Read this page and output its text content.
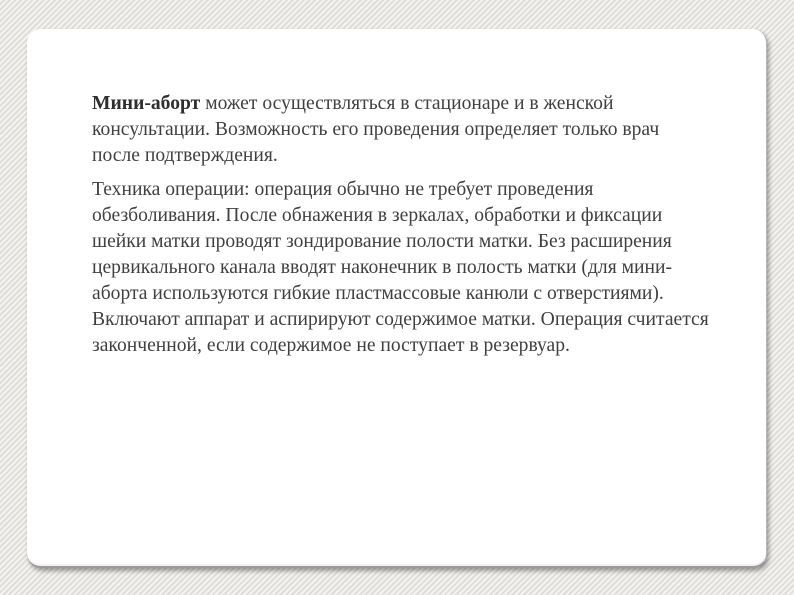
Мини-аборт может осуществляться в стационаре и в женской консультации. Возможность его проведения определяет только врач после подтверждения.

Техника операции: операция обычно не требует проведения обезболивания. После обнажения в зеркалах, обработки и фиксации шейки матки проводят зондирование полости матки. Без расширения цервикального канала вводят наконечник в полость матки (для мини-аборта используются гибкие пластмассовые канюли с отверстиями). Включают аппарат и аспирируют содержимое матки. Операция считается законченной, если содержимое не поступает в резервуар.
